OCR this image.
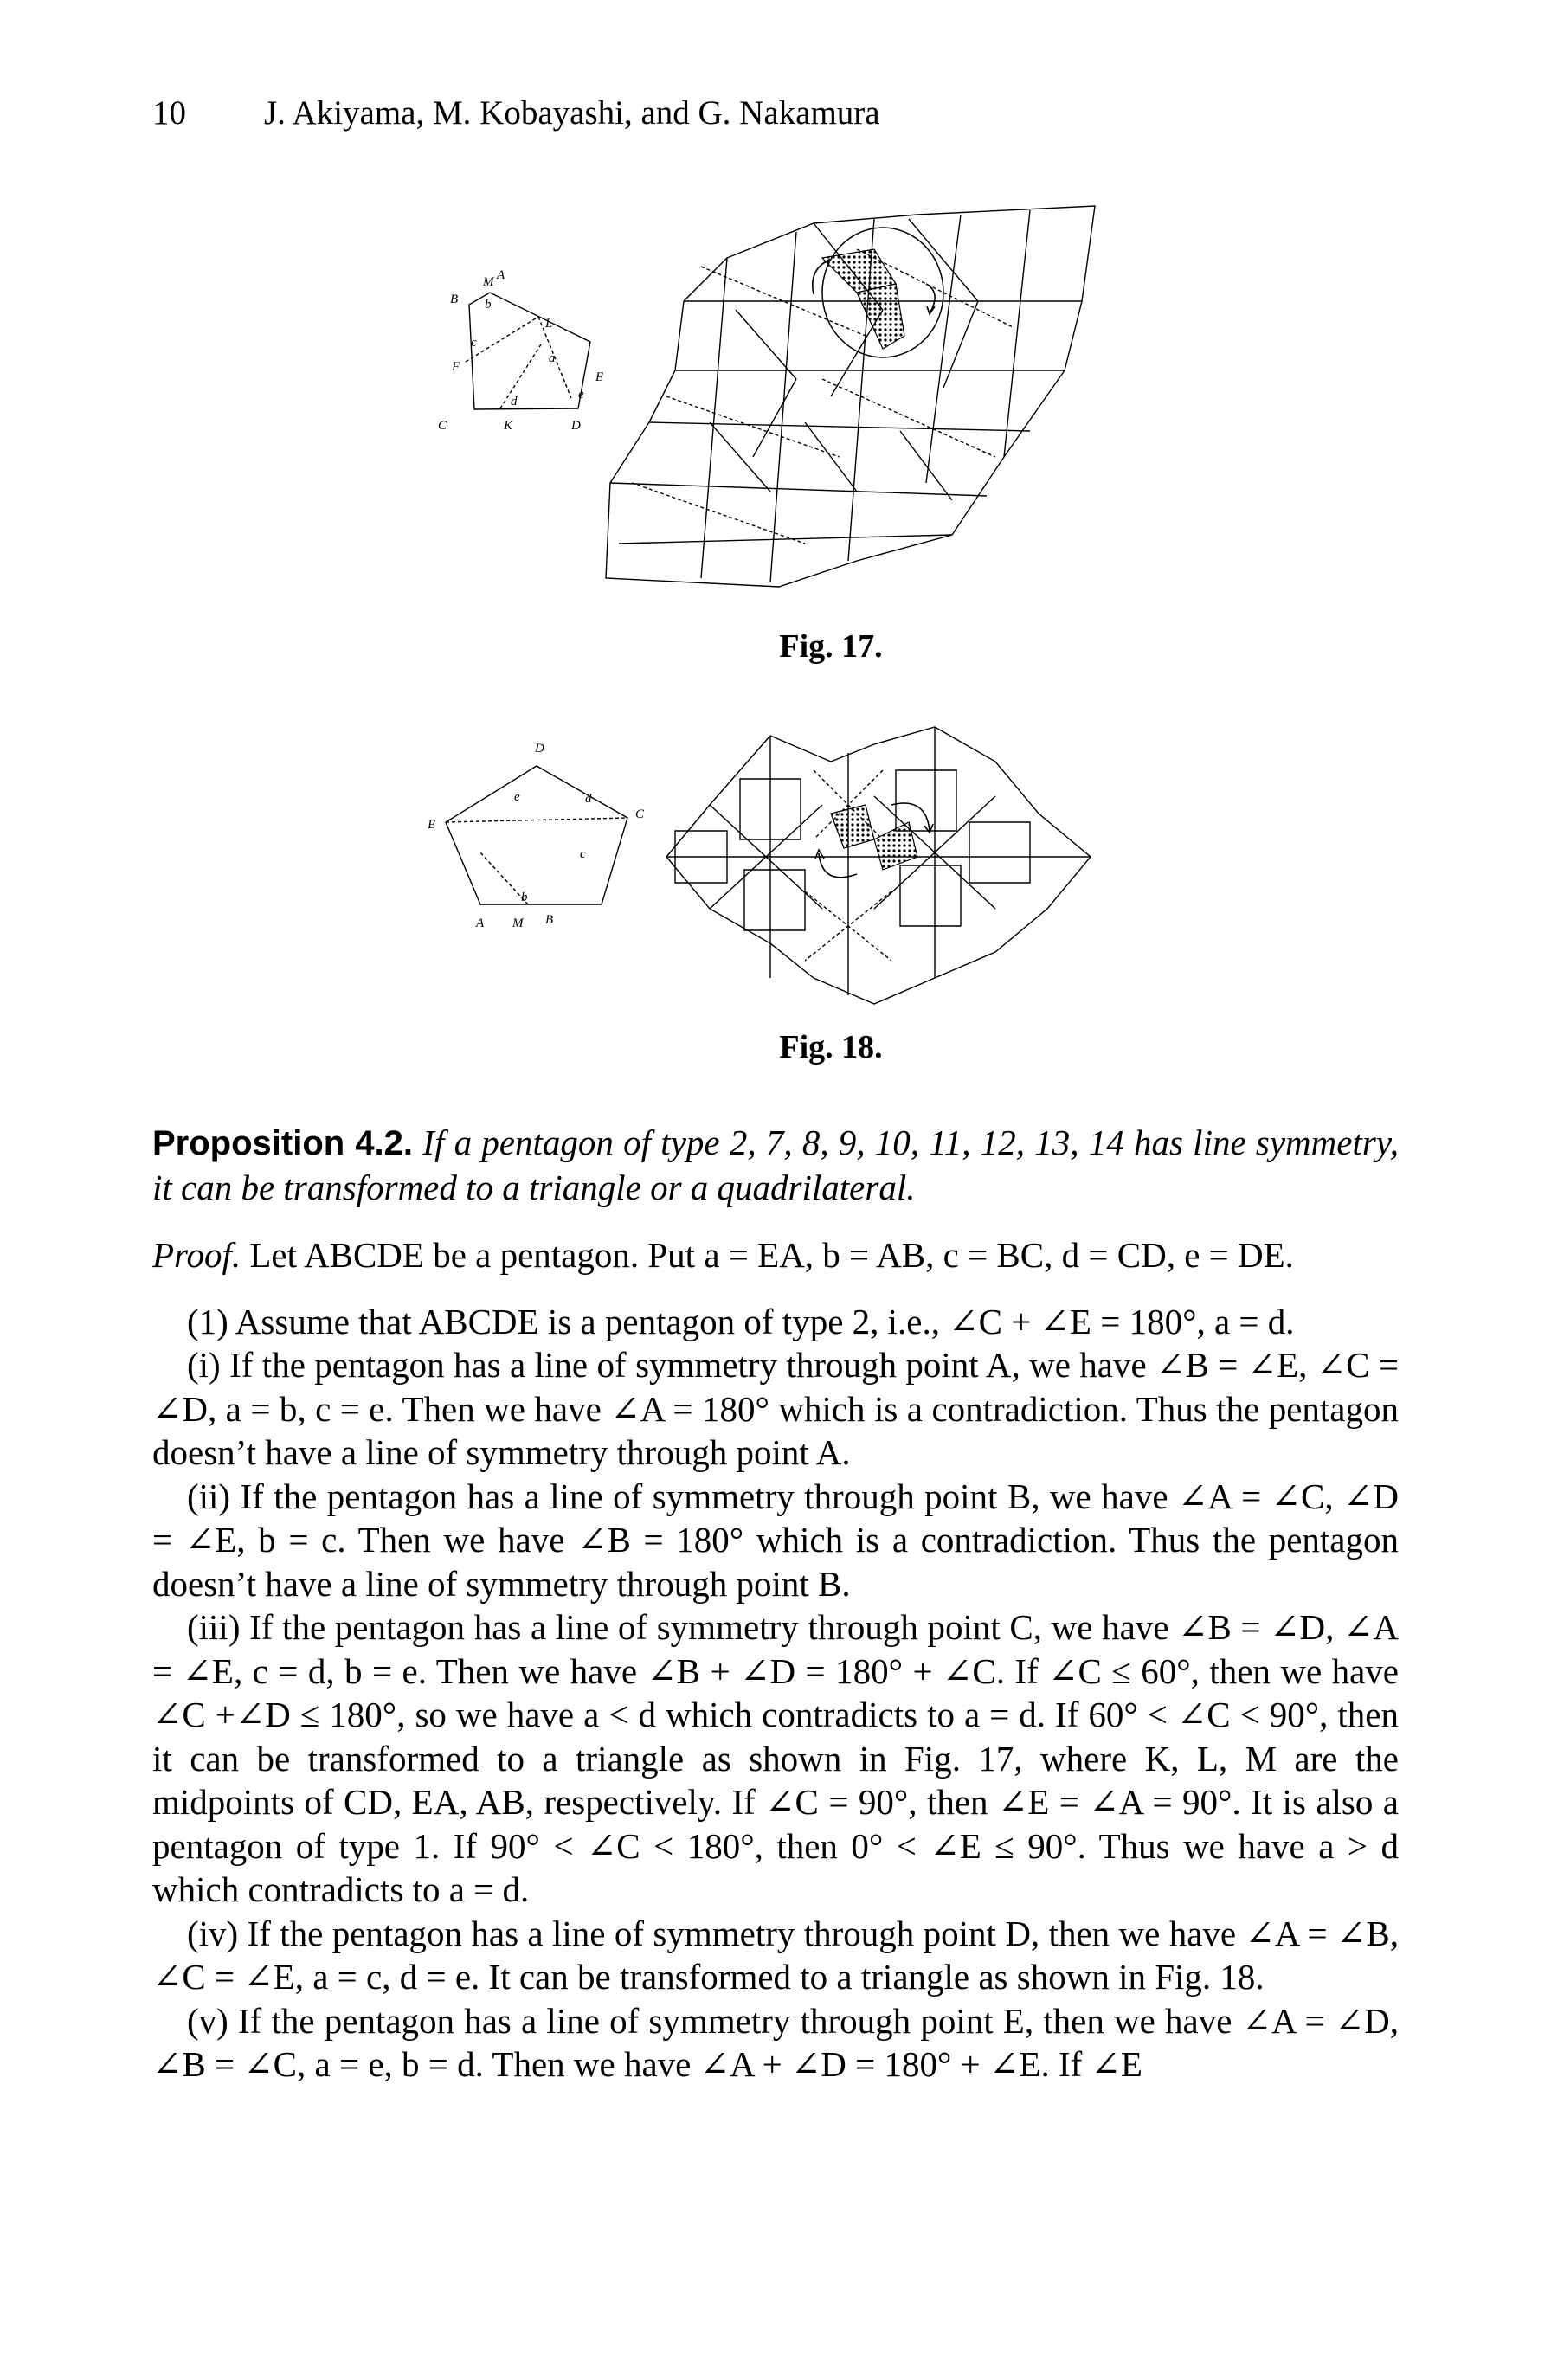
10 J. Akiyama, M. Kobayashi, and G. Nakamura
B
M A
L
F
E
C	K	D
b
c
a
d	e
Fig. 17.
D
E
C
A M B
e	d
c
b
Fig. 18.

Proposition 4.2. If a pentagon of type 2, 7, 8, 9, 10, 11, 12, 13, 14 has line symmetry, it can be transformed to a triangle or a quadrilateral.

Proof. Let ABCDE be a pentagon. Put a = EA, b = AB, c = BC, d = CD, e = DE.

(1) Assume that ABCDE is a pentagon of type 2, i.e., ∠C + ∠E = 180°, a = d.

(i) If the pentagon has a line of symmetry through point A, we have ∠B = ∠E, ∠C = ∠D, a = b, c = e. Then we have ∠A = 180° which is a contradiction. Thus the pentagon doesn’t have a line of symmetry through point A.

(ii) If the pentagon has a line of symmetry through point B, we have ∠A = ∠C, ∠D = ∠E, b = c. Then we have ∠B = 180° which is a contradiction. Thus the pentagon doesn’t have a line of symmetry through point B.

(iii) If the pentagon has a line of symmetry through point C, we have ∠B = ∠D, ∠A = ∠E, c = d, b = e. Then we have ∠B + ∠D = 180° + ∠C. If ∠C ≤ 60°, then we have ∠C +∠D ≤ 180°, so we have a < d which contradicts to a = d. If 60° < ∠C < 90°, then it can be transformed to a triangle as shown in Fig. 17, where K, L, M are the midpoints of CD, EA, AB, respectively. If ∠C = 90°, then ∠E = ∠A = 90°. It is also a pentagon of type 1. If 90° < ∠C < 180°, then 0° < ∠E ≤ 90°. Thus we have a > d which contradicts to a = d.

(iv) If the pentagon has a line of symmetry through point D, then we have ∠A = ∠B, ∠C = ∠E, a = c, d = e. It can be transformed to a triangle as shown in Fig. 18.

(v) If the pentagon has a line of symmetry through point E, then we have ∠A = ∠D, ∠B = ∠C, a = e, b = d. Then we have ∠A + ∠D = 180° + ∠E. If ∠E
